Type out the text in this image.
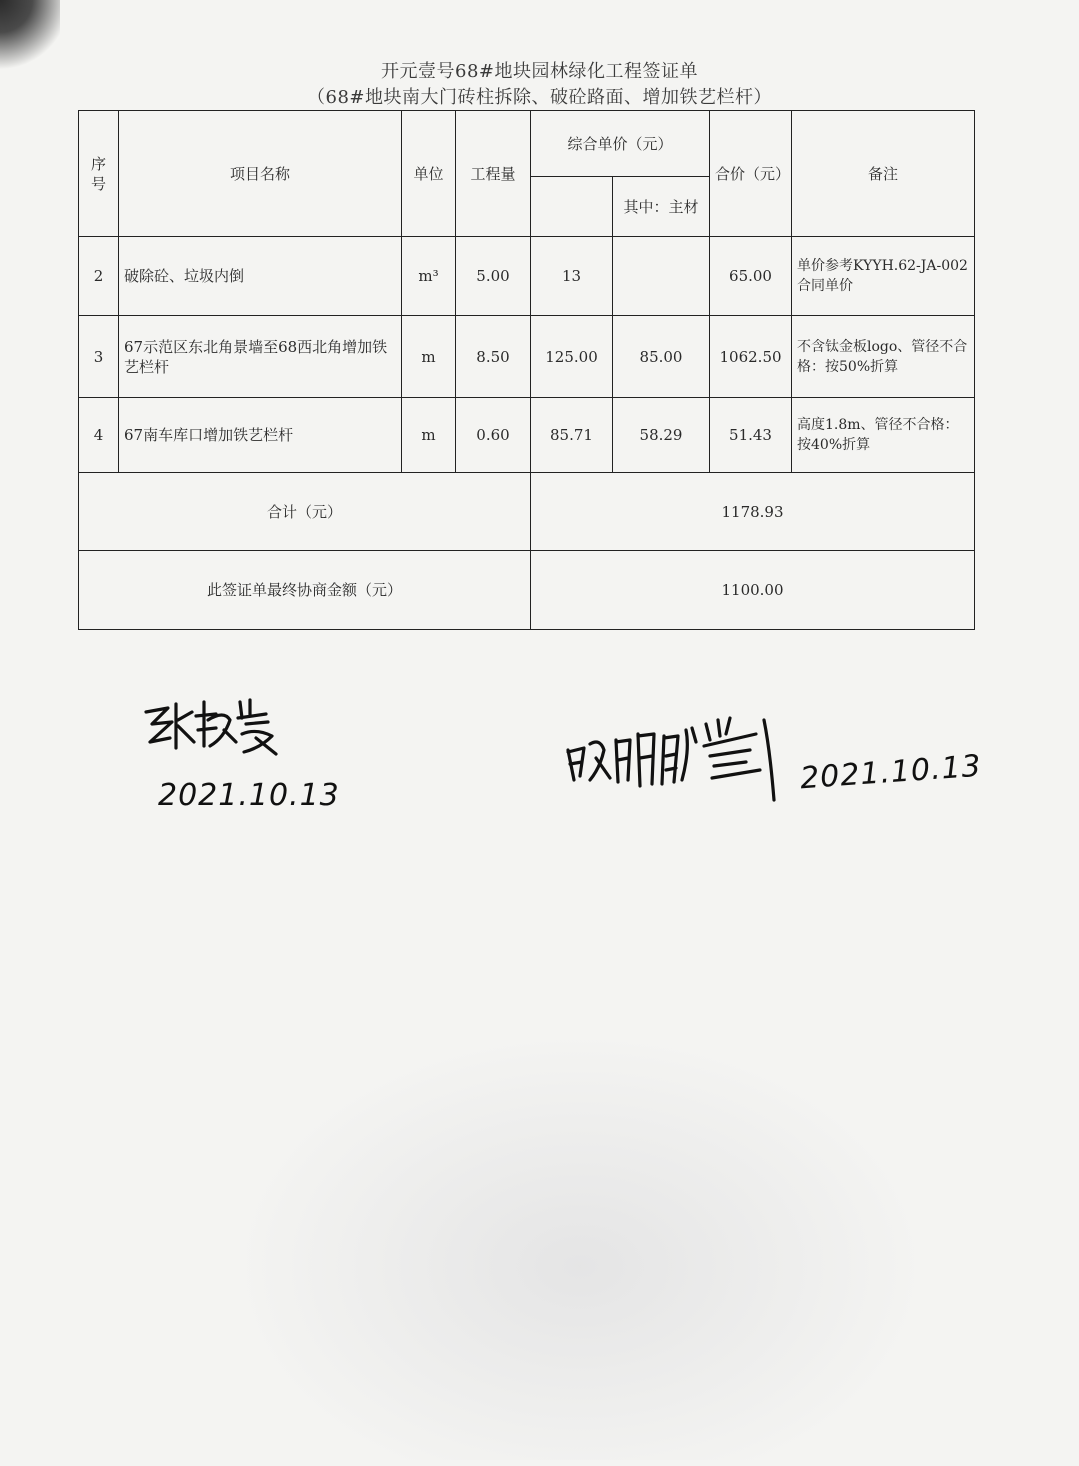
开元壹号68#地块园林绿化工程签证单
（68#地块南大门砖柱拆除、破砼路面、增加铁艺栏杆）
序号	项目名称	单位	工程量	综合单价（元）		合价（元）	备注
					其中：主材		
2	破除砼、垃圾内倒	m³	5.00	13		65.00	单价参考KYYH.62-JA-002合同单价
3	67示范区东北角景墙至68西北角增加铁艺栏杆	m	8.50	125.00	85.00	1062.50	不含钛金板logo、管径不合格：按50%折算
4	67南车库口增加铁艺栏杆	m	0.60	85.71	58.29	51.43	高度1.8m、管径不合格：按40%折算
合计（元）				1178.93			
此签证单最终协商金额（元）				1100.00			
2021.10.13	2021.10.13
